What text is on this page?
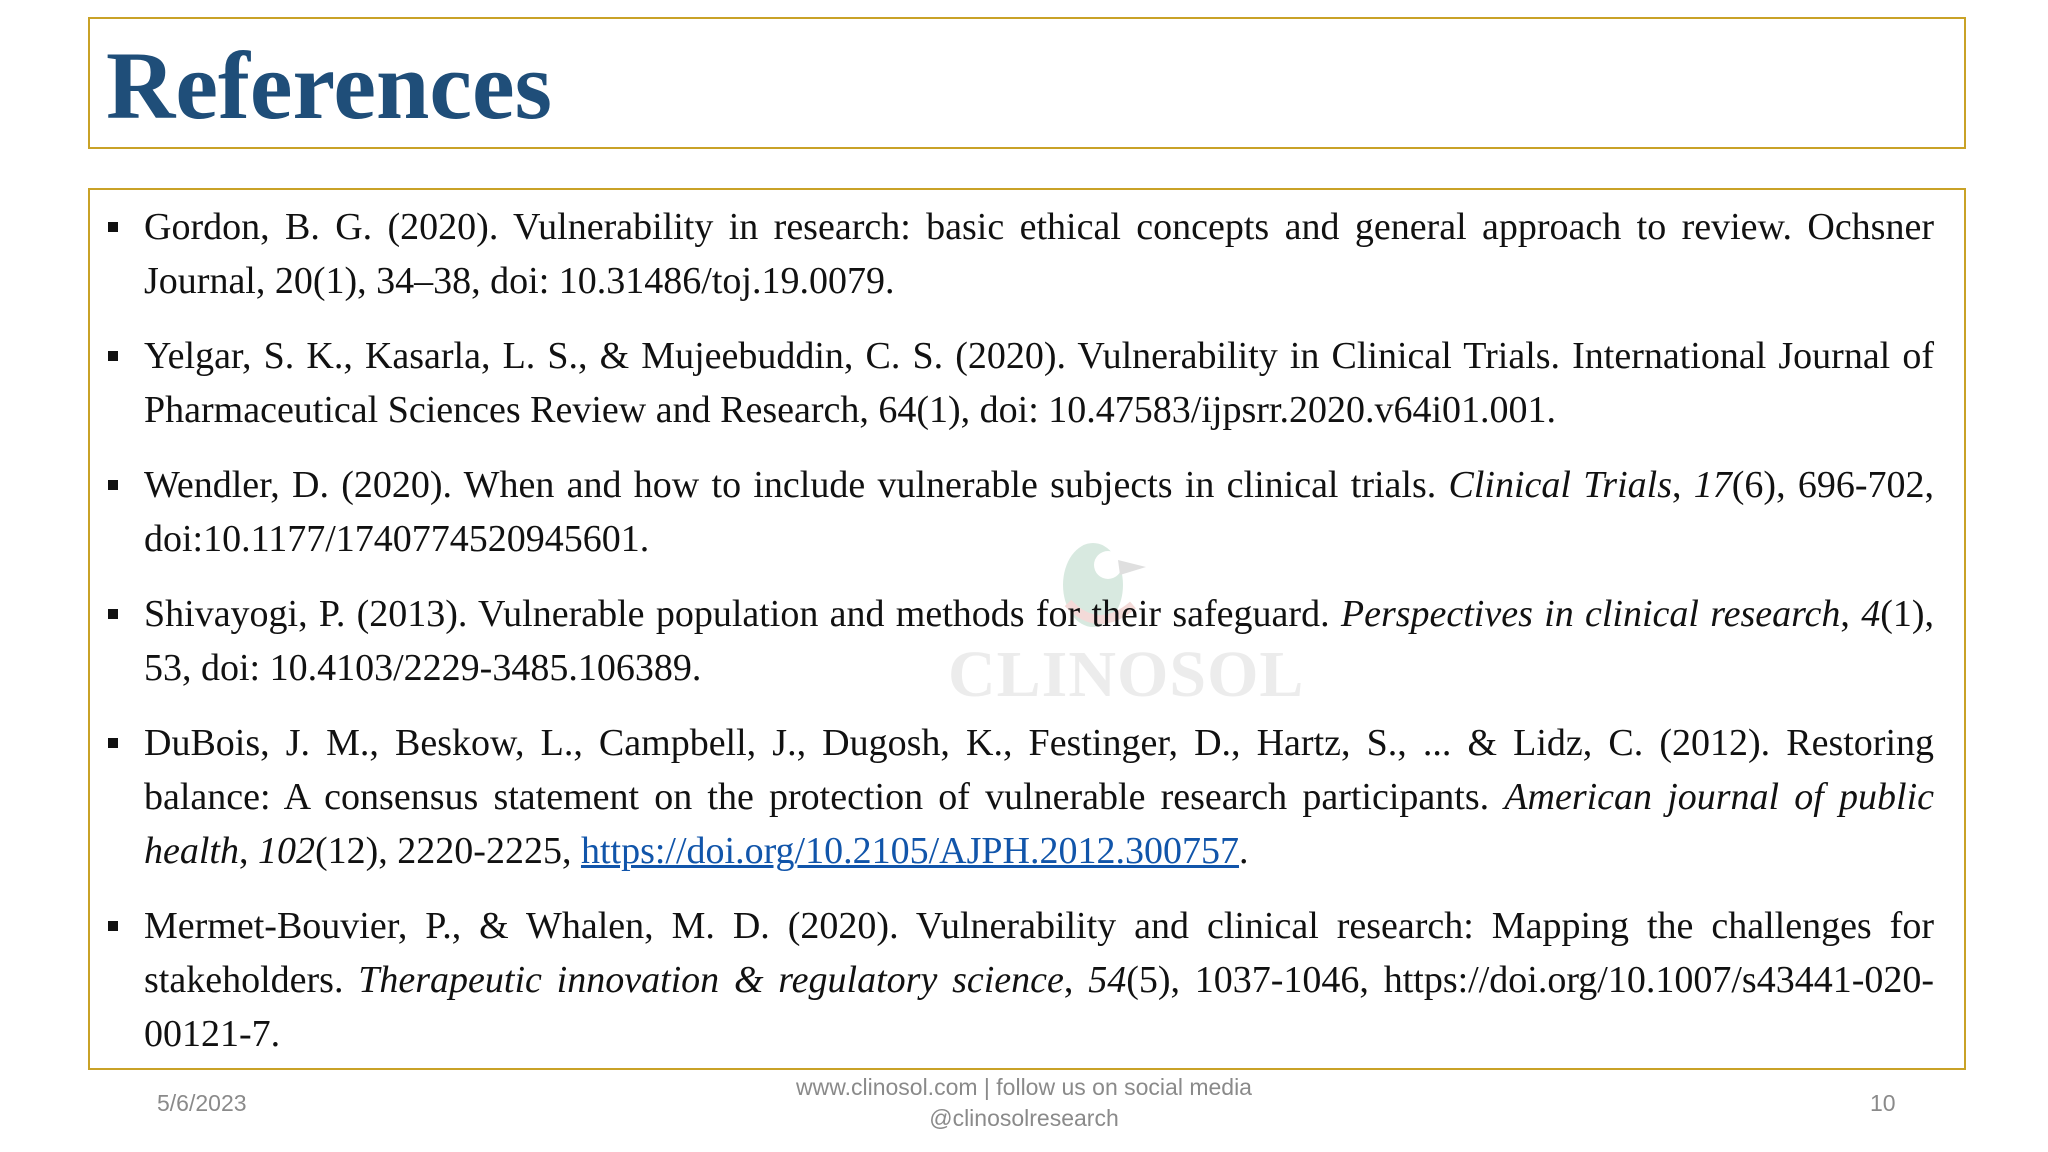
References
CLINOSOL
Gordon, B. G. (2020). Vulnerability in research: basic ethical concepts and general approach to review. Ochsner Journal, 20(1), 34–38, doi: 10.31486/toj.19.0079.
Yelgar, S. K., Kasarla, L. S., & Mujeebuddin, C. S. (2020). Vulnerability in Clinical Trials. International Journal of Pharmaceutical Sciences Review and Research, 64(1), doi: 10.47583/ijpsrr.2020.v64i01.001.
Wendler, D. (2020). When and how to include vulnerable subjects in clinical trials. Clinical Trials, 17(6), 696-702, doi:10.1177/1740774520945601.
Shivayogi, P. (2013). Vulnerable population and methods for their safeguard. Perspectives in clinical research, 4(1), 53, doi: 10.4103/2229-3485.106389.
DuBois, J. M., Beskow, L., Campbell, J., Dugosh, K., Festinger, D., Hartz, S., ... & Lidz, C. (2012). Restoring balance: A consensus statement on the protection of vulnerable research participants. American journal of public health, 102(12), 2220-2225, https://doi.org/10.2105/AJPH.2012.300757.
Mermet-Bouvier, P., & Whalen, M. D. (2020). Vulnerability and clinical research: Mapping the challenges for stakeholders. Therapeutic innovation & regulatory science, 54(5), 1037-1046, https://doi.org/10.1007/s43441-020-00121-7.
5/6/2023
www.clinosol.com | follow us on social media
@clinosolresearch
10
